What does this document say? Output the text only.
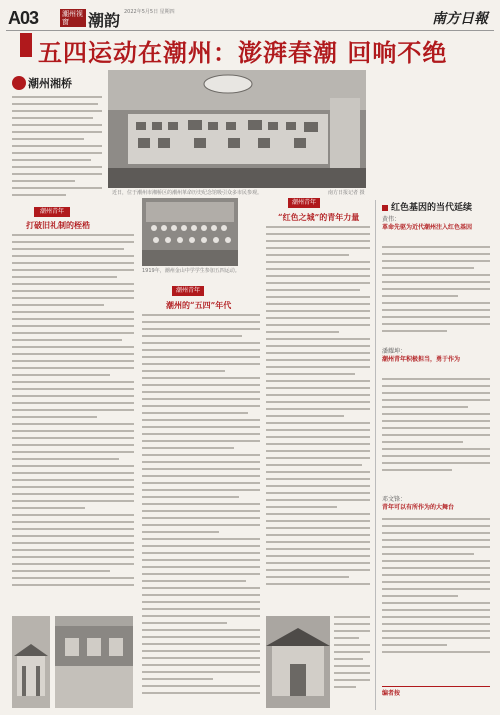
A03	潮州视窗	潮韵 2022年5月5日 星期四	南方日報
五四运动在潮州：澎湃春潮 回响不绝
潮州湘桥
近日，位于潮州市湘桥区的潮州革命历史纪念馆吸引众多市民参观。	南方日报记者 摄
潮州青年
打破旧礼制的桎梏
1919年，潮州金山中学学生参加五四运动。
潮州青年
潮州的“五四”年代
潮州青年
“红色之城”的青年力量
红色基因的当代延续
黄伟：
革命先驱为近代潮州注入红色基因
潘耀坤：
潮州青年积极担当，勇于作为
邓文锋：
青年可以有所作为的大舞台
编者按
